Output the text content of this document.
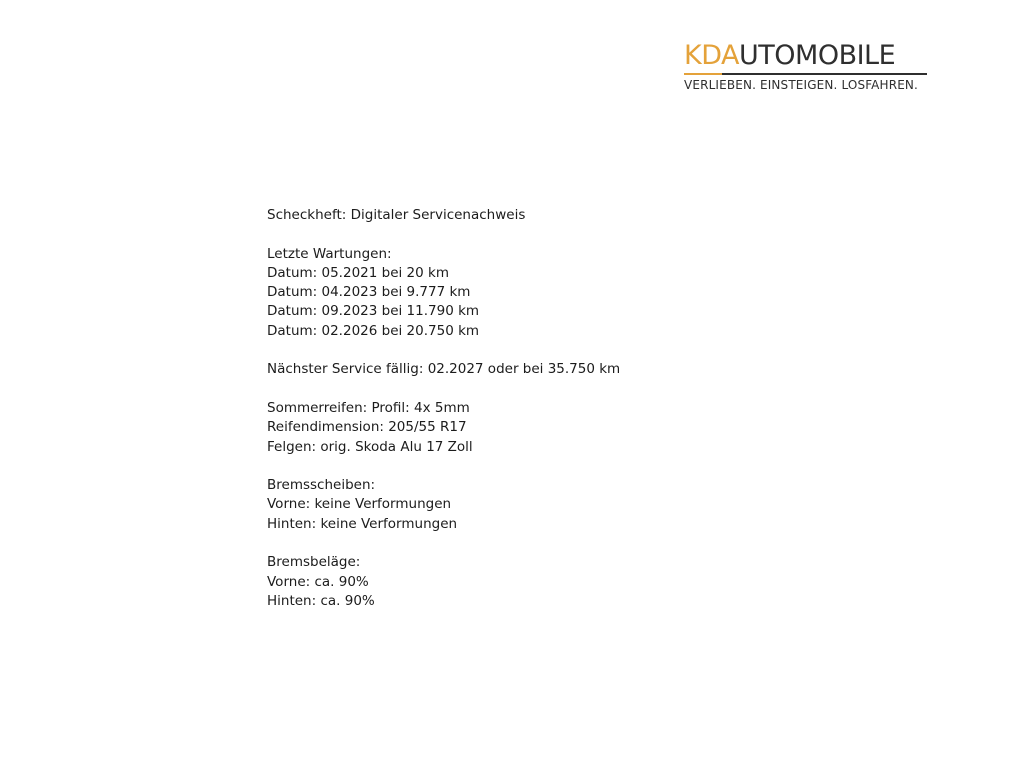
KDAUTOMOBILE
VERLIEBEN. EINSTEIGEN. LOSFAHREN.
Scheckheft: Digitaler Servicenachweis
Letzte Wartungen:
Datum: 05.2021 bei 20 km
Datum: 04.2023 bei 9.777 km
Datum: 09.2023 bei 11.790 km
Datum: 02.2026 bei 20.750 km
Nächster Service fällig: 02.2027 oder bei 35.750 km
Sommerreifen: Profil: 4x 5mm
Reifendimension: 205/55 R17
Felgen: orig. Skoda Alu 17 Zoll
Bremsscheiben:
Vorne: keine Verformungen
Hinten: keine Verformungen
Bremsbeläge:
Vorne: ca. 90%
Hinten: ca. 90%
